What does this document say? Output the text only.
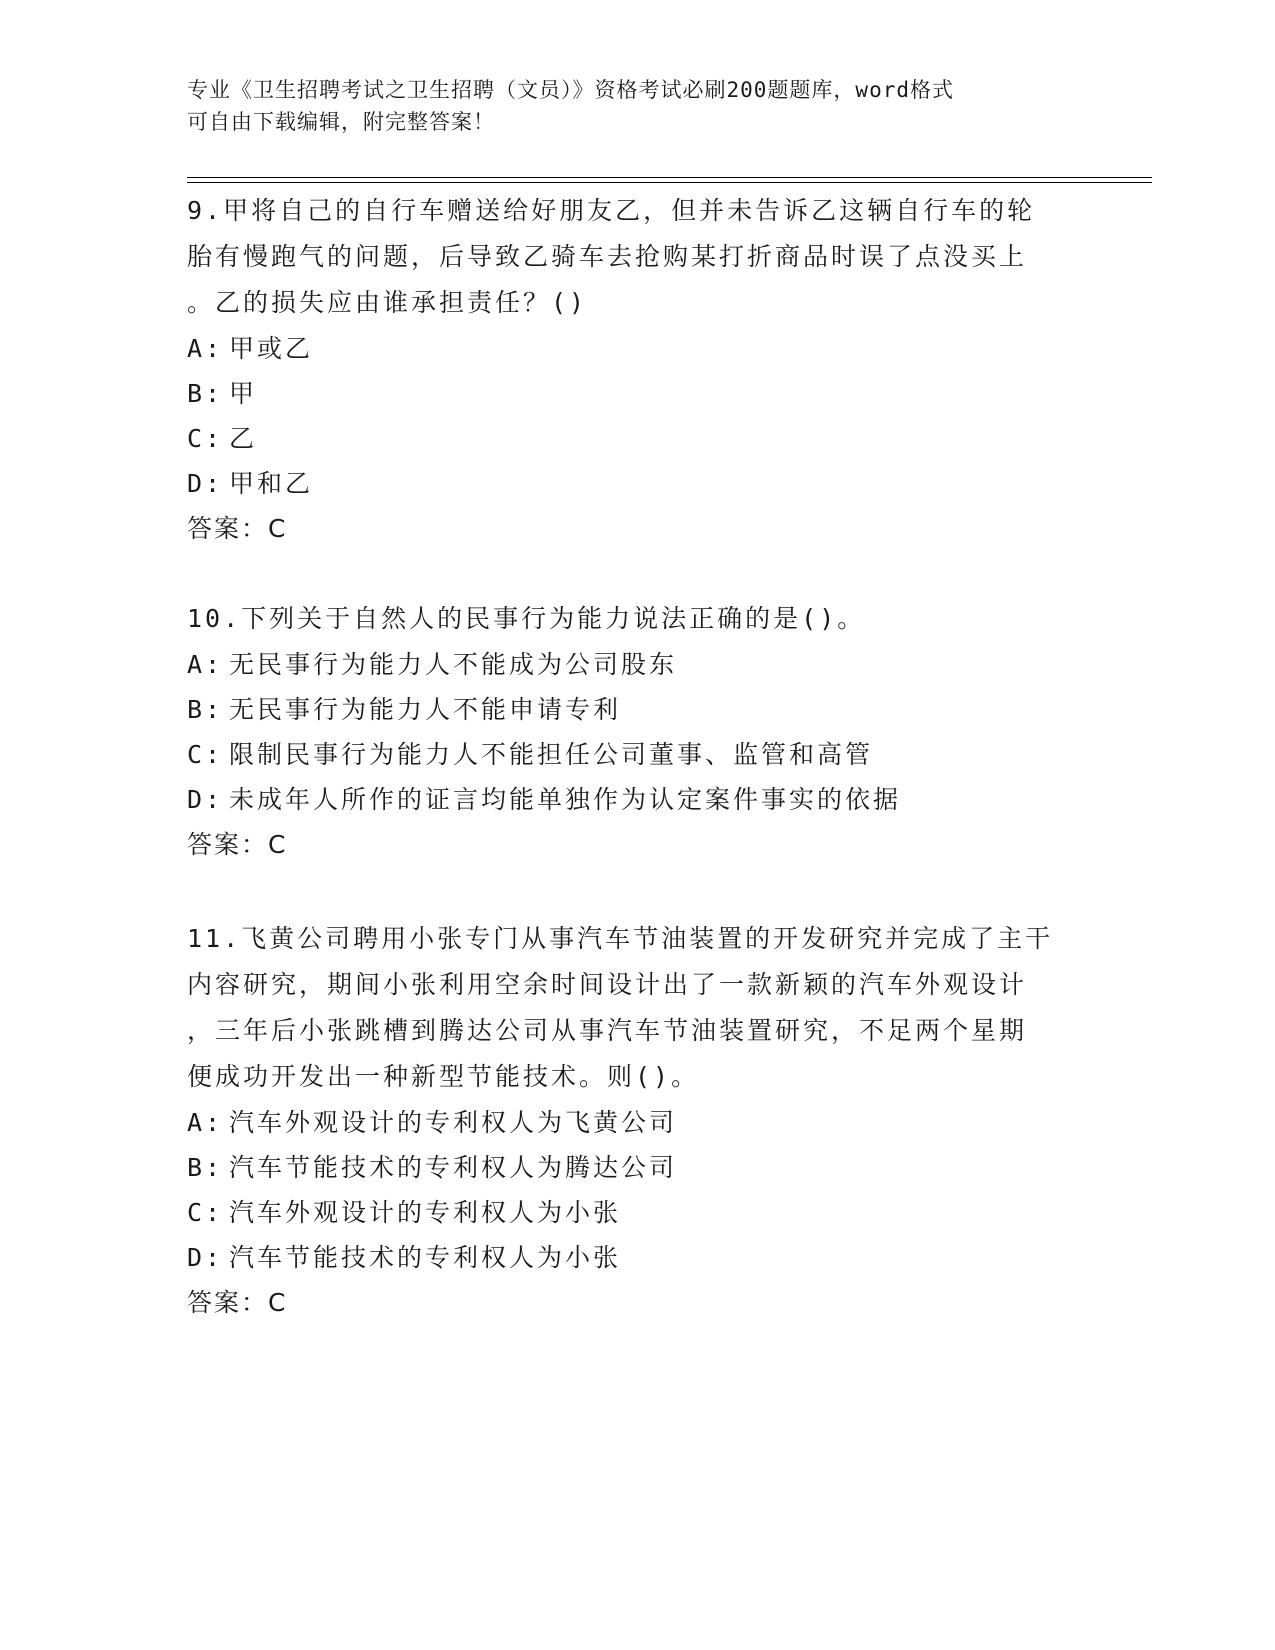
专业《卫生招聘考试之卫生招聘（文员）》资格考试必刷200题题库，word格式
可自由下载编辑，附完整答案！

9.甲将自己的自行车赠送给好朋友乙，但并未告诉乙这辆自行车的轮

胎有慢跑气的问题，后导致乙骑车去抢购某打折商品时误了点没买上

。乙的损失应由谁承担责任？()

A: 甲或乙

B: 甲

C: 乙

D: 甲和乙

答案：C

10.下列关于自然人的民事行为能力说法正确的是()。

A: 无民事行为能力人不能成为公司股东

B: 无民事行为能力人不能申请专利

C: 限制民事行为能力人不能担任公司董事、监管和高管

D: 未成年人所作的证言均能单独作为认定案件事实的依据

答案：C

11.飞黄公司聘用小张专门从事汽车节油装置的开发研究并完成了主干

内容研究，期间小张利用空余时间设计出了一款新颖的汽车外观设计

，三年后小张跳槽到腾达公司从事汽车节油装置研究，不足两个星期

便成功开发出一种新型节能技术。则()。

A: 汽车外观设计的专利权人为飞黄公司

B: 汽车节能技术的专利权人为腾达公司

C: 汽车外观设计的专利权人为小张

D: 汽车节能技术的专利权人为小张

答案：C
